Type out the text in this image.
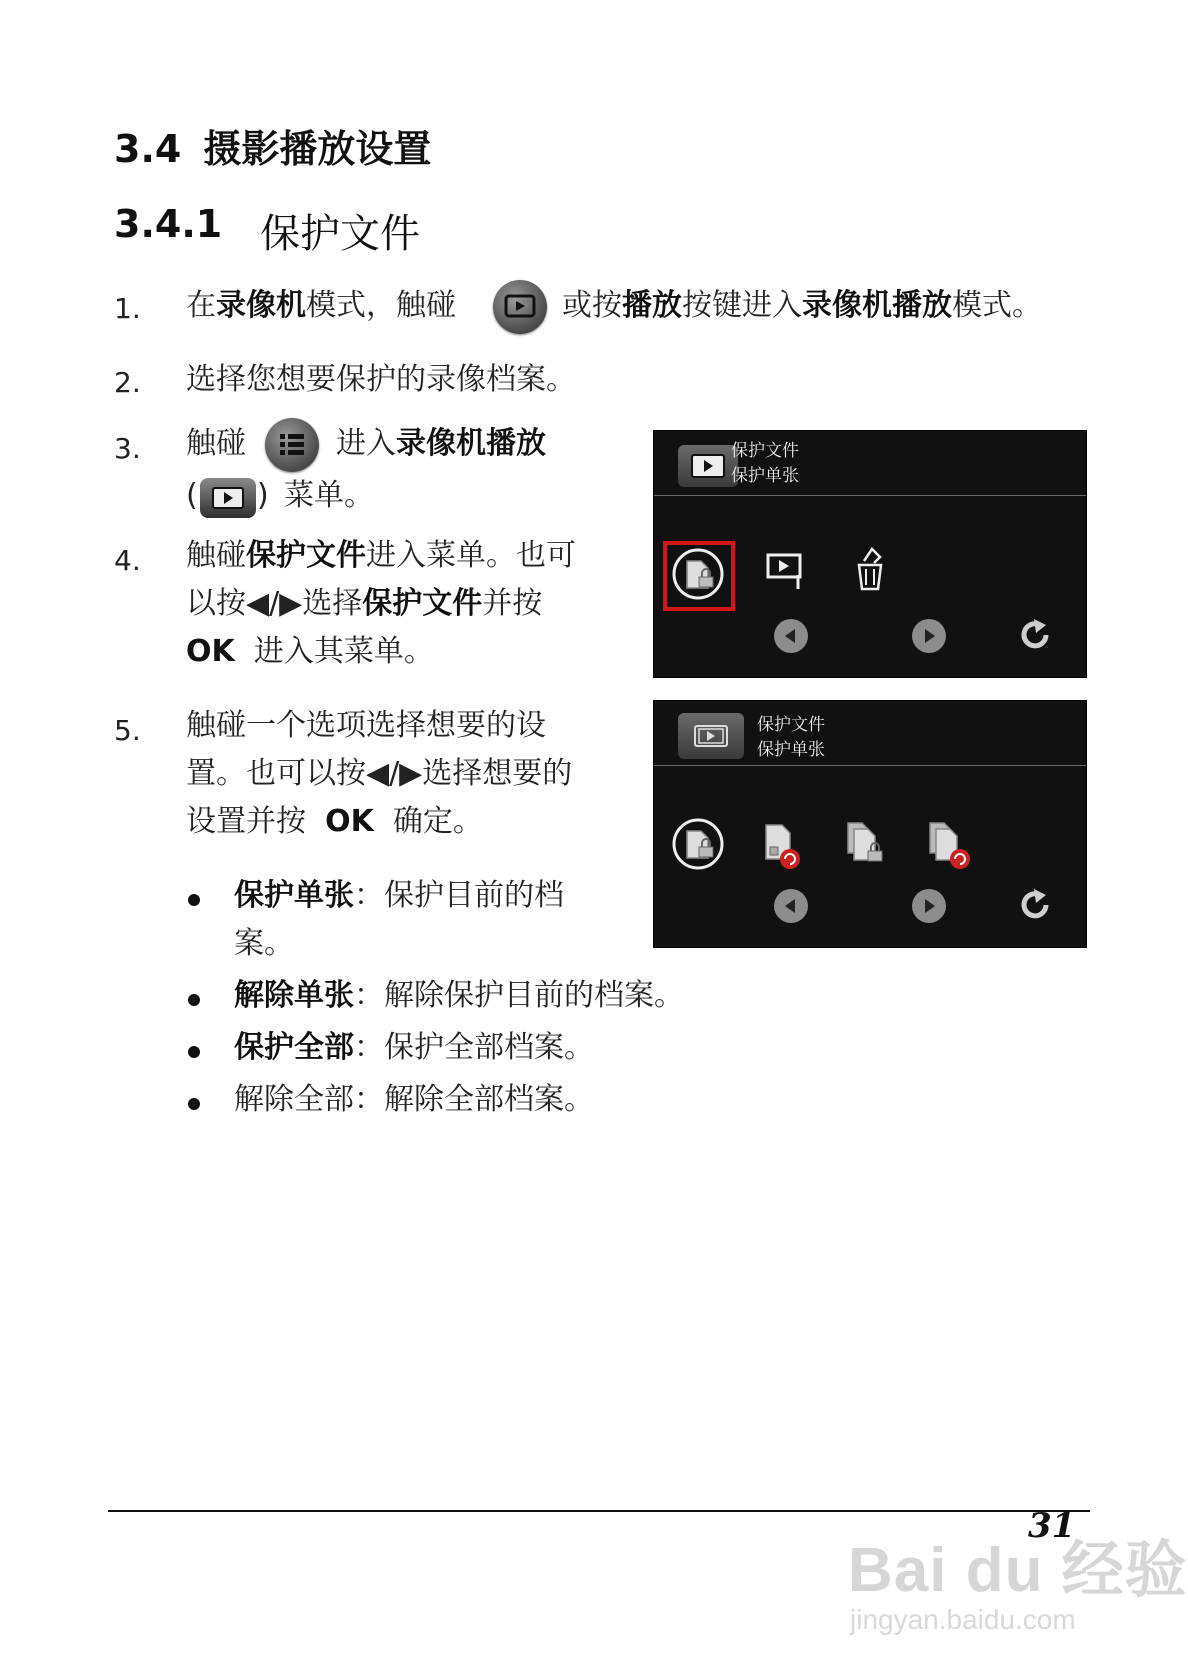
3.4 摄影播放设置
3.4.1 保护文件
1. 在录像机模式，触碰	或按播放按键进入录像机播放模式。
2. 选择您想要保护的录像档案。
3. 触碰	进入录像机播放
( ) 菜单。
4. 触碰保护文件进入菜单。也可
以按◀/▶选择保护文件并按
OK 进入其菜单。
5. 触碰一个选项选择想要的设
置。也可以按◀/▶选择想要的
设置并按 OK 确定。
保护单张：保护目前的档
案。
解除单张：解除保护目前的档案。
保护全部：保护全部档案。
解除全部：解除全部档案。
保护文件
保护单张
保护文件
保护单张
31
Bai du 经验
jingyan.baidu.com
